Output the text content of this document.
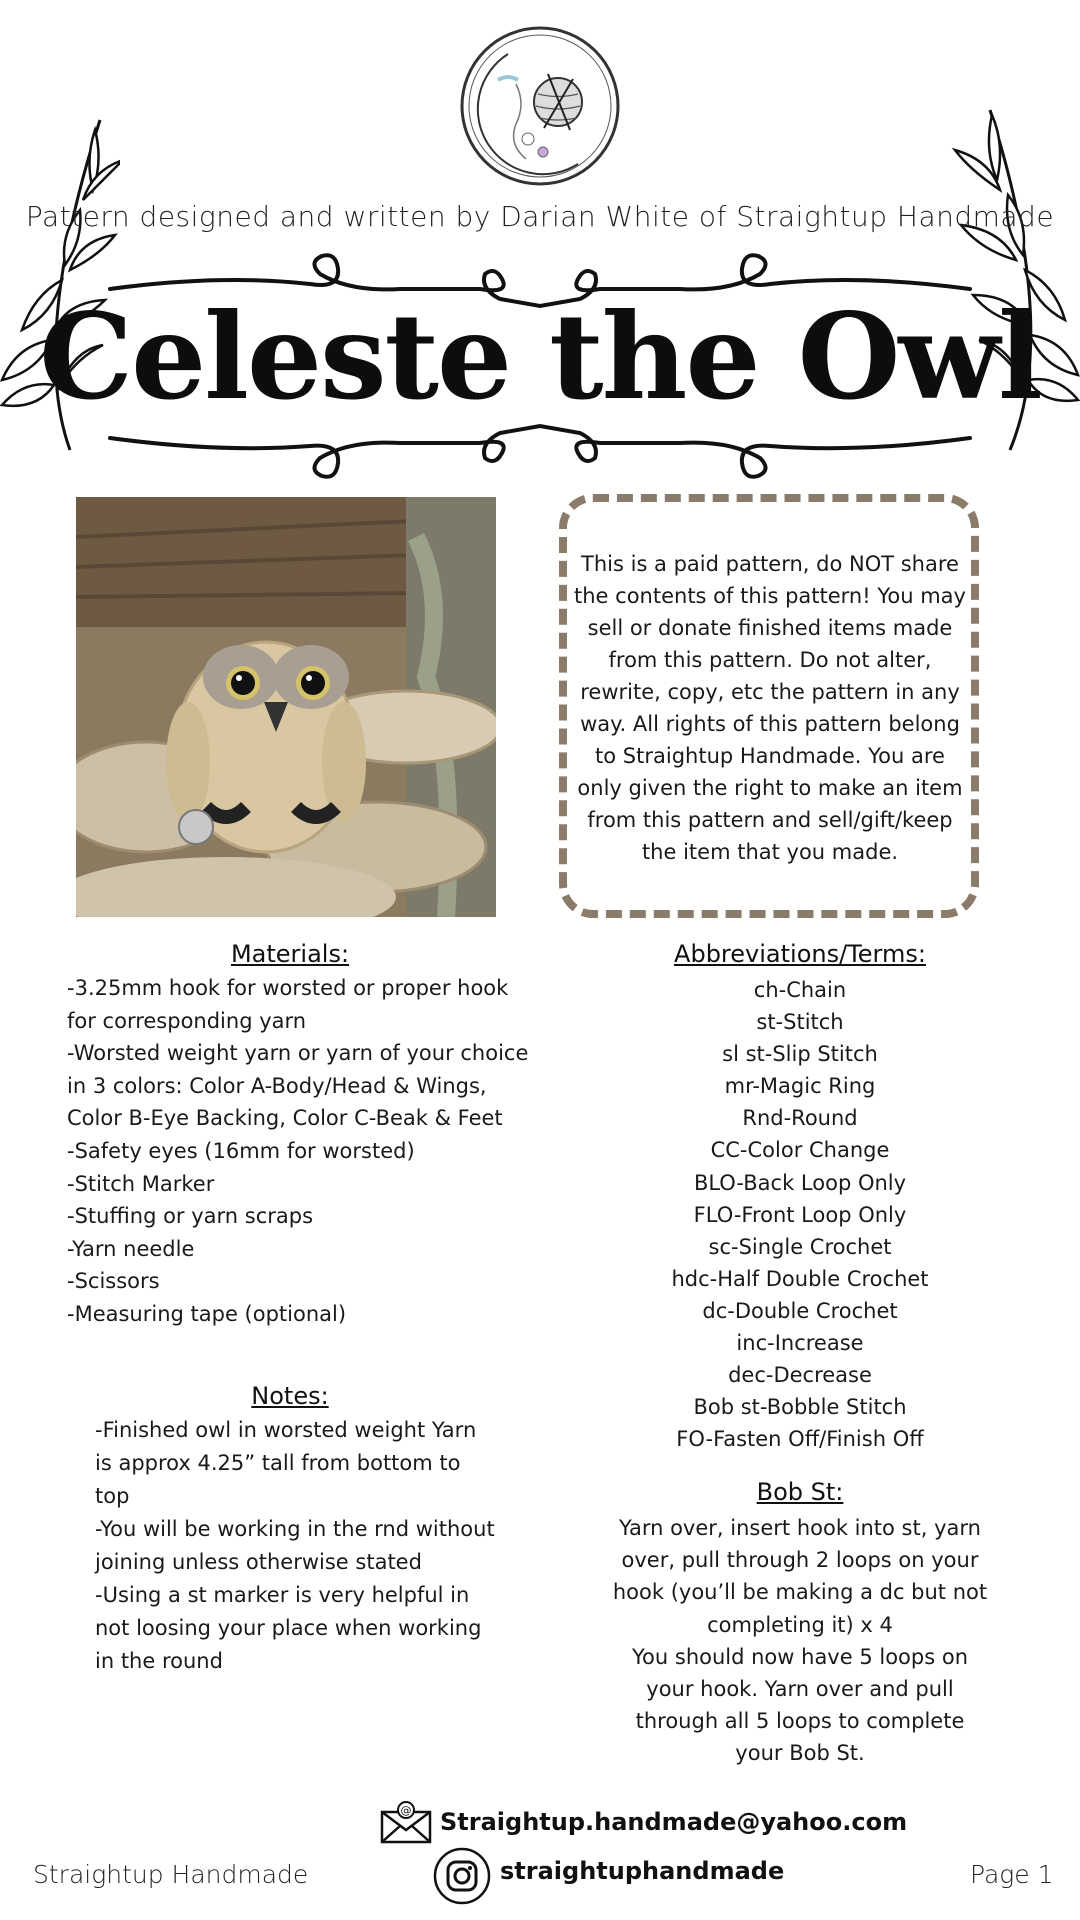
Pattern designed and written by Darian White of Straightup Handmade
Celeste the Owl
This is a paid pattern, do NOT share the contents of this pattern! You may sell or donate finished items made from this pattern. Do not alter, rewrite, copy, etc the pattern in any way. All rights of this pattern belong to Straightup Handmade. You are only given the right to make an item from this pattern and sell/gift/keep the item that you made.
Materials:
-3.25mm hook for worsted or proper hook for corresponding yarn
-Worsted weight yarn or yarn of your choice in 3 colors: Color A-Body/Head & Wings, Color B-Eye Backing, Color C-Beak & Feet
-Safety eyes (16mm for worsted)
-Stitch Marker
-Stuffing or yarn scraps
-Yarn needle
-Scissors
-Measuring tape (optional)
Abbreviations/Terms:
ch-Chain
st-Stitch
sl st-Slip Stitch
mr-Magic Ring
Rnd-Round
CC-Color Change
BLO-Back Loop Only
FLO-Front Loop Only
sc-Single Crochet
hdc-Half Double Crochet
dc-Double Crochet
inc-Increase
dec-Decrease
Bob st-Bobble Stitch
FO-Fasten Off/Finish Off
Notes:
-Finished owl in worsted weight Yarn is approx 4.25” tall from bottom to top
-You will be working in the rnd without joining unless otherwise stated
-Using a st marker is very helpful in not loosing your place when working in the round
Bob St:
Yarn over, insert hook into st, yarn over, pull through 2 loops on your hook (you’ll be making a dc but not completing it) x 4
You should now have 5 loops on your hook. Yarn over and pull through all 5 loops to complete your Bob St.
@ Straightup.handmade@yahoo.com
straightuphandmade
Straightup Handmade	Page 1
